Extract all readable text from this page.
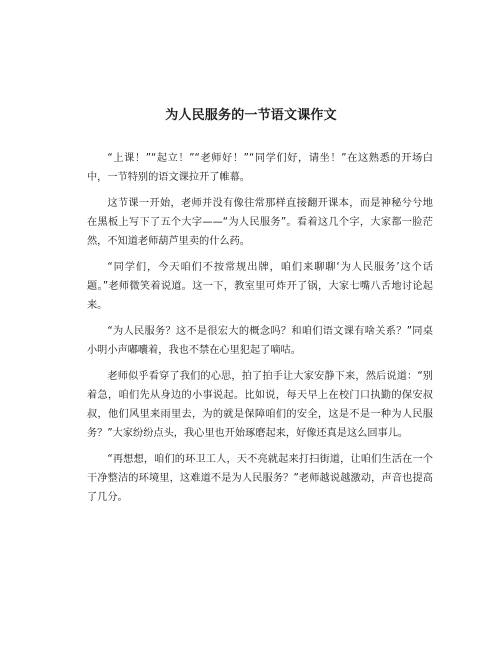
为人民服务的一节语文课作文

“上课！”“起立！”“老师好！”“同学们好，请坐！”在这熟悉的开场白中，一节特别的语文课拉开了帷幕。

这节课一开始，老师并没有像往常那样直接翻开课本，而是神秘兮兮地在黑板上写下了五个大字——“为人民服务”。看着这几个字，大家都一脸茫然，不知道老师葫芦里卖的什么药。

“同学们，今天咱们不按常规出牌，咱们来聊聊‘为人民服务’这个话题。”老师微笑着说道。这一下，教室里可炸开了锅，大家七嘴八舌地讨论起来。

“为人民服务？这不是很宏大的概念吗？和咱们语文课有啥关系？”同桌小明小声嘟囔着，我也不禁在心里犯起了嘀咕。

老师似乎看穿了我们的心思，拍了拍手让大家安静下来，然后说道：“别着急，咱们先从身边的小事说起。比如说，每天早上在校门口执勤的保安叔叔，他们风里来雨里去，为的就是保障咱们的安全，这是不是一种为人民服务？”大家纷纷点头，我心里也开始琢磨起来，好像还真是这么回事儿。

“再想想，咱们的环卫工人，天不亮就起来打扫街道，让咱们生活在一个干净整洁的环境里，这难道不是为人民服务？”老师越说越激动，声音也提高了几分。
